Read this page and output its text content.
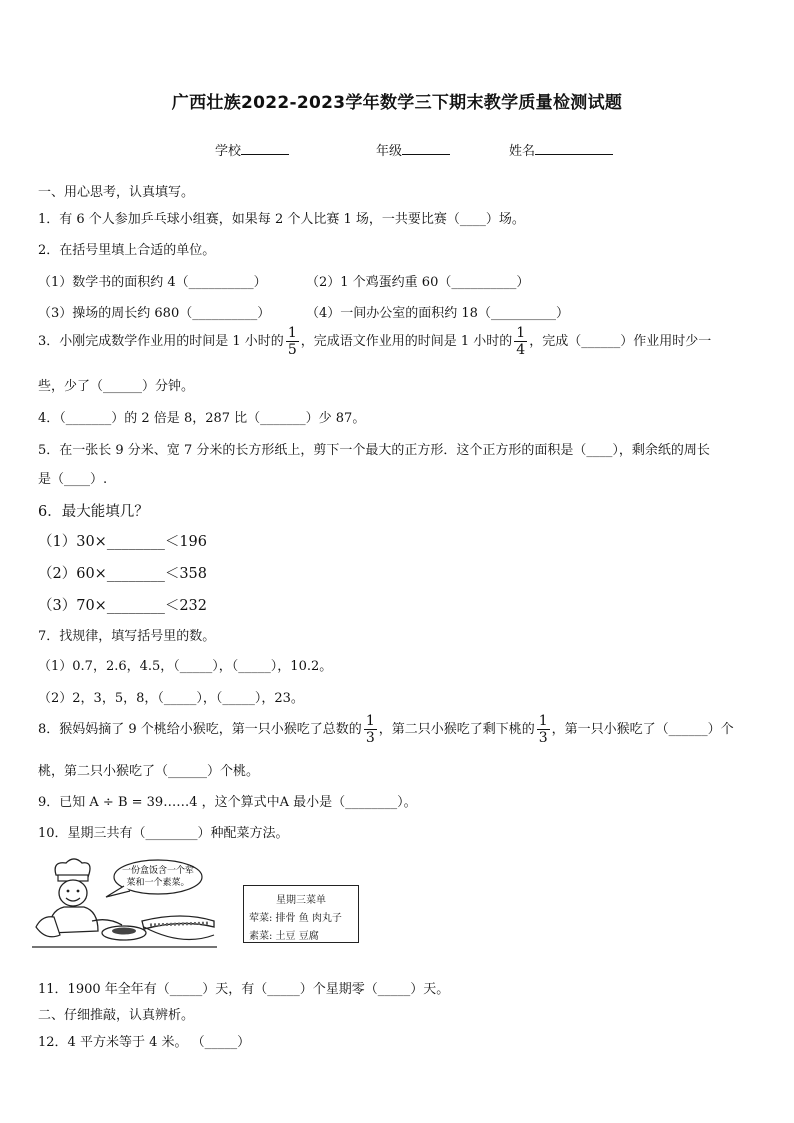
广西壮族2022-2023学年数学三下期末教学质量检测试题
学校	年级	姓名
一、用心思考，认真填写。
1．有 6 个人参加乒乓球小组赛，如果每 2 个人比赛 1 场，一共要比赛（____）场。
2．在括号里填上合适的单位。
（1）数学书的面积约 4（__________）	（2）1 个鸡蛋约重 60（__________）
（3）操场的周长约 680（__________）	（4）一间办公室的面积约 18（__________）
3．小刚完成数学作业用的时间是 1 小时的 $\frac{1}{5}$ ，完成语文作业用的时间是 1 小时的 $\frac{1}{4}$ ，完成（______）作业用时少一
些，少了（______）分钟。
4．（_______）的 2 倍是 8，287 比（_______）少 87。
5．在一张长 9 分米、宽 7 分米的长方形纸上，剪下一个最大的正方形．这个正方形的面积是（____），剩余纸的周长
是（____）.
6．最大能填几？
（1）30×________＜196
（2）60×________＜358
（3）70×________＜232
7．找规律，填写括号里的数。
（1）0.7，2.6，4.5，（_____），（_____），10.2。
（2）2，3，5，8，（_____），（_____），23。
8．猴妈妈摘了 9 个桃给小猴吃，第一只小猴吃了总数的 $\frac{1}{3}$ ，第二只小猴吃了剩下桃的 $\frac{1}{3}$ ，第一只小猴吃了（______）个
桃，第二只小猴吃了（______）个桃。
9．已知 A ÷ B = 39……4 ，这个算式中A 最小是（________）。
10．星期三共有（________）种配菜方法。
一份盒饭含一个荤
菜和一个素菜。
星期三菜单
荤菜: 排骨 鱼 肉丸子
素菜: 土豆 豆腐
11．1900 年全年有（_____）天，有（_____）个星期零（_____）天。
二、仔细推敲，认真辨析。
12．4 平方米等于 4 米。 （_____）
